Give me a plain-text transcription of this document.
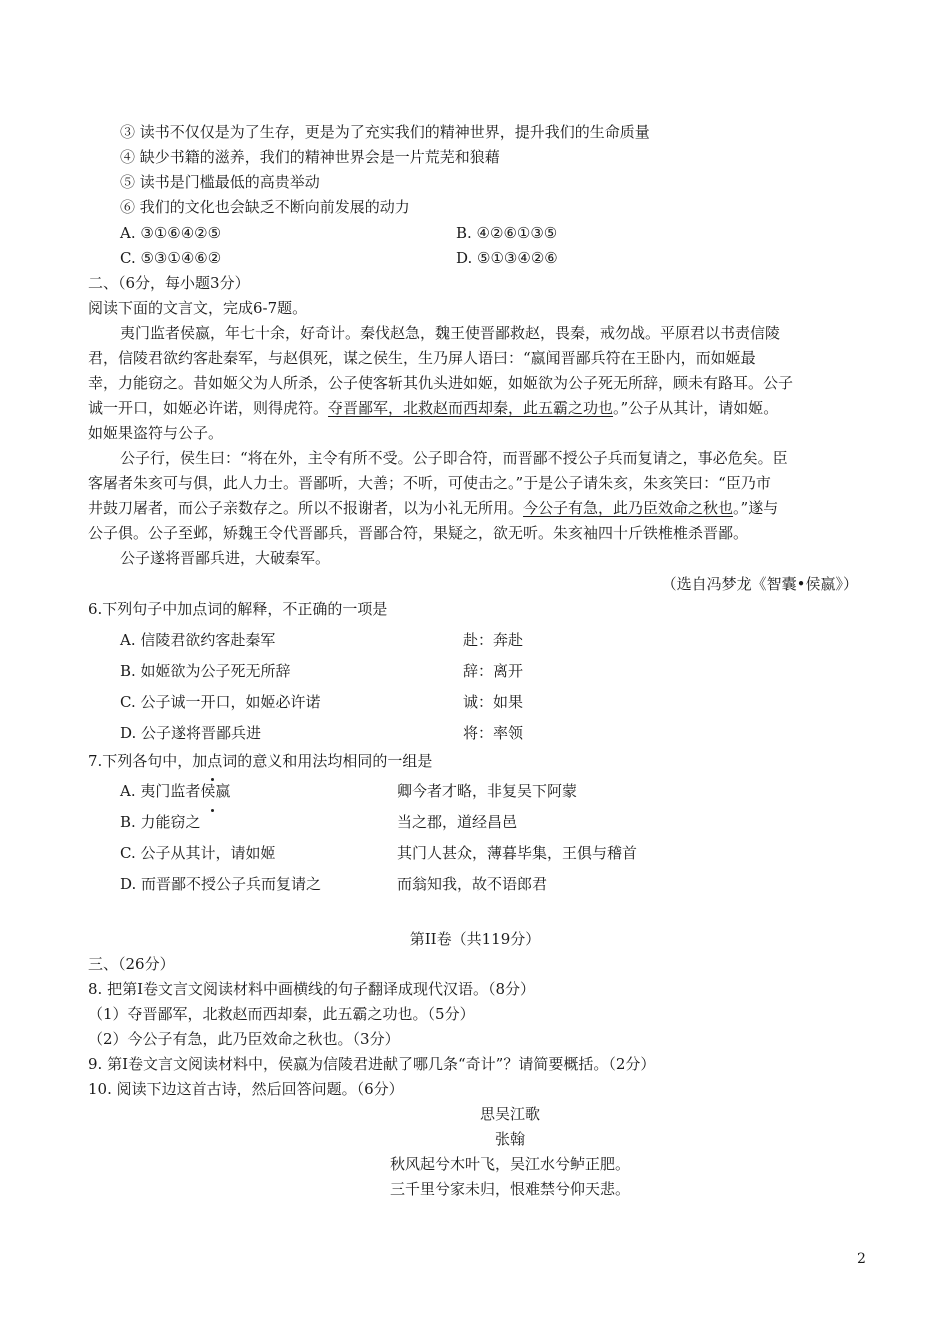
③ 读书不仅仅是为了生存，更是为了充实我们的精神世界，提升我们的生命质量
④ 缺少书籍的滋养，我们的精神世界会是一片荒芜和狼藉
⑤ 读书是门槛最低的高贵举动
⑥ 我们的文化也会缺乏不断向前发展的动力
A. ③①⑥④②⑤	B. ④②⑥①③⑤
C. ⑤③①④⑥②	D. ⑤①③④②⑥
二、（6分，每小题3分）
阅读下面的文言文，完成6-7题。
夷门监者侯嬴，年七十余，好奇计。秦伐赵急，魏王使晋鄙救赵，畏秦，戒勿战。平原君以书责信陵
君，信陵君欲约客赴秦军，与赵俱死，谋之侯生，生乃屏人语曰：“嬴闻晋鄙兵符在王卧内，而如姬最
幸，力能窃之。昔如姬父为人所杀，公子使客斩其仇头进如姬，如姬欲为公子死无所辞，顾未有路耳。公子
诚一开口，如姬必许诺，则得虎符。夺晋鄙军，北救赵而西却秦，此五霸之功也。”公子从其计，请如姬。
如姬果盗符与公子。
公子行，侯生曰：“将在外，主令有所不受。公子即合符，而晋鄙不授公子兵而复请之，事必危矣。臣
客屠者朱亥可与俱，此人力士。晋鄙听，大善；不听，可使击之。”于是公子请朱亥，朱亥笑曰：“臣乃市
井鼓刀屠者，而公子亲数存之。所以不报谢者，以为小礼无所用。今公子有急，此乃臣效命之秋也。”遂与
公子俱。公子至邺，矫魏王令代晋鄙兵，晋鄙合符，果疑之，欲无听。朱亥袖四十斤铁椎椎杀晋鄙。
公子遂将晋鄙兵进，大破秦军。
（选自冯梦龙《智囊•侯嬴》）
6.下列句子中加点词的解释，不正确的一项是
A. 信陵君欲约客赴秦军	赴：奔赴
B. 如姬欲为公子死无所辞	辞：离开
C. 公子诚一开口，如姬必许诺	诚：如果
D. 公子遂将晋鄙兵进	将：率领
7.下列各句中，加点词的意义和用法均相同的一组是
A. 夷门监者侯嬴	卿今者才略，非复吴下阿蒙
B. 力能窃之	当之郡，道经昌邑
C. 公子从其计，请如姬	其门人甚众，薄暮毕集，王俱与稽首
D. 而晋鄙不授公子兵而复请之	而翁知我，故不语郎君
第II卷（共119分）
三、（26分）
8. 把第I卷文言文阅读材料中画横线的句子翻译成现代汉语。（8分）
（1）夺晋鄙军，北救赵而西却秦，此五霸之功也。（5分）
（2）今公子有急，此乃臣效命之秋也。（3分）
9. 第I卷文言文阅读材料中，侯嬴为信陵君进献了哪几条“奇计”？请简要概括。（2分）
10. 阅读下边这首古诗，然后回答问题。（6分）
思吴江歌
张翰
秋风起兮木叶飞，吴江水兮鲈正肥。
三千里兮家未归，恨难禁兮仰天悲。
2
